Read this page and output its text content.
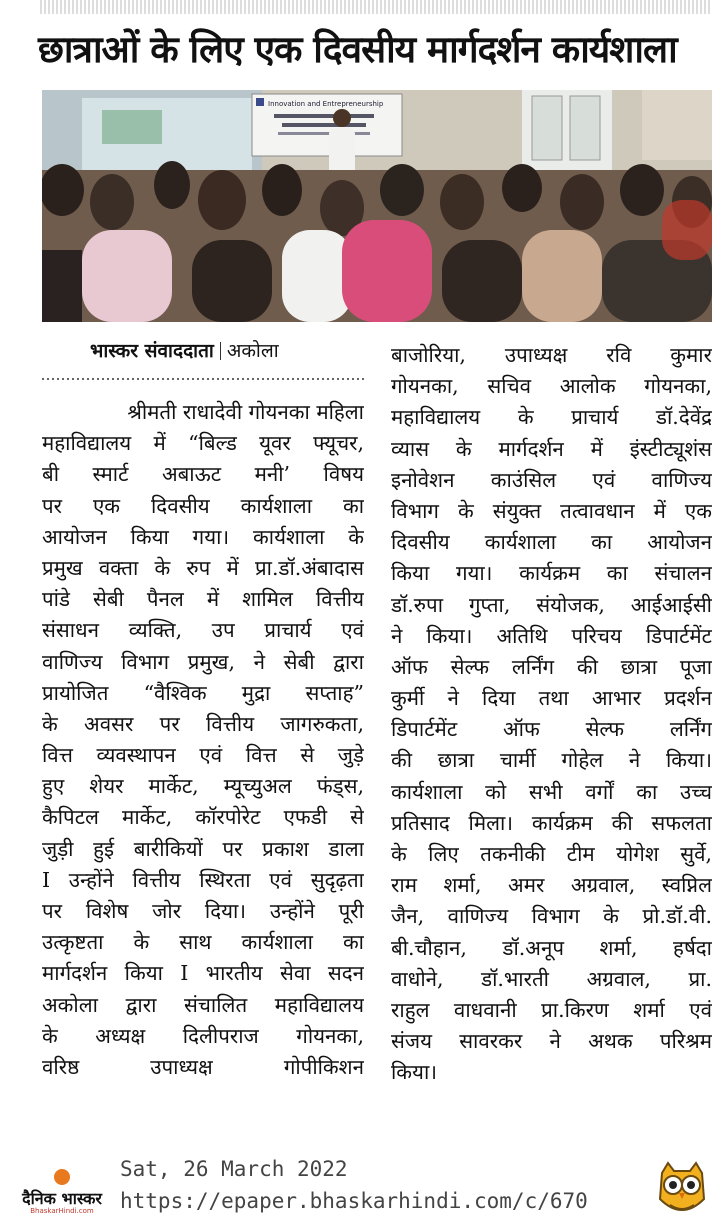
छात्राओं के लिए एक दिवसीय मार्गदर्शन कार्यशाला
Innovation and Entrepreneurship
भास्कर संवाददाता अकोला

श्रीमती राधादेवी गोयनका महिला

महाविद्यालय में “बिल्ड यूवर फ्यूचर,

बी स्मार्ट अबाऊट मनी’ विषय

पर एक दिवसीय कार्यशाला का

आयोजन किया गया। कार्यशाला के

प्रमुख वक्ता के रुप में प्रा.डॉ.अंबादास

पांडे सेबी पैनल में शामिल वित्तीय

संसाधन व्यक्ति, उप प्राचार्य एवं

वाणिज्य विभाग प्रमुख, ने सेबी द्वारा

प्रायोजित “वैश्विक मुद्रा सप्ताह”

के अवसर पर वित्तीय जागरुकता,

वित्त व्यवस्थापन एवं वित्त से जुड़े

हुए शेयर मार्केट, म्यूच्युअल फंड्स,

कैपिटल मार्केट, कॉरपोरेट एफडी से

जुड़ी हुई बारीकियों पर प्रकाश डाला

I उन्होंने वित्तीय स्थिरता एवं सुदृढ़ता

पर विशेष जोर दिया। उन्होंने पूरी

उत्कृष्टता के साथ कार्यशाला का

मार्गदर्शन किया I भारतीय सेवा सदन

अकोला द्वारा संचालित महाविद्यालय

के अध्यक्ष दिलीपराज गोयनका,

वरिष्ठ उपाध्यक्ष गोपीकिशन

बाजोरिया, उपाध्यक्ष रवि कुमार

गोयनका, सचिव आलोक गोयनका,

महाविद्यालय के प्राचार्य डॉ.देवेंद्र

व्यास के मार्गदर्शन में इंस्टीट्यूशंस

इनोवेशन काउंसिल एवं वाणिज्य

विभाग के संयुक्त तत्वावधान में एक

दिवसीय कार्यशाला का आयोजन

किया गया। कार्यक्रम का संचालन

डॉ.रुपा गुप्ता, संयोजक, आईआईसी

ने किया। अतिथि परिचय डिपार्टमेंट

ऑफ सेल्फ लर्निंग की छात्रा पूजा

कुर्मी ने दिया तथा आभार प्रदर्शन

डिपार्टमेंट ऑफ सेल्फ लर्निंग

की छात्रा चार्मी गोहेल ने किया।

कार्यशाला को सभी वर्गों का उच्च

प्रतिसाद मिला। कार्यक्रम की सफलता

के लिए तकनीकी टीम योगेश सुर्वे,

राम शर्मा, अमर अग्रवाल, स्वप्निल

जैन, वाणिज्य विभाग के प्रो.डॉ.वी.

बी.चौहान, डॉ.अनूप शर्मा, हर्षदा

वाधोने, डॉ.भारती अग्रवाल, प्रा.

राहुल वाधवानी प्रा.किरण शर्मा एवं

संजय सावरकर ने अथक परिश्रम

किया।

दैनिक भास्कर
BhaskarHindi.com
Sat, 26 March 2022
https://epaper.bhaskarhindi.com/c/670
